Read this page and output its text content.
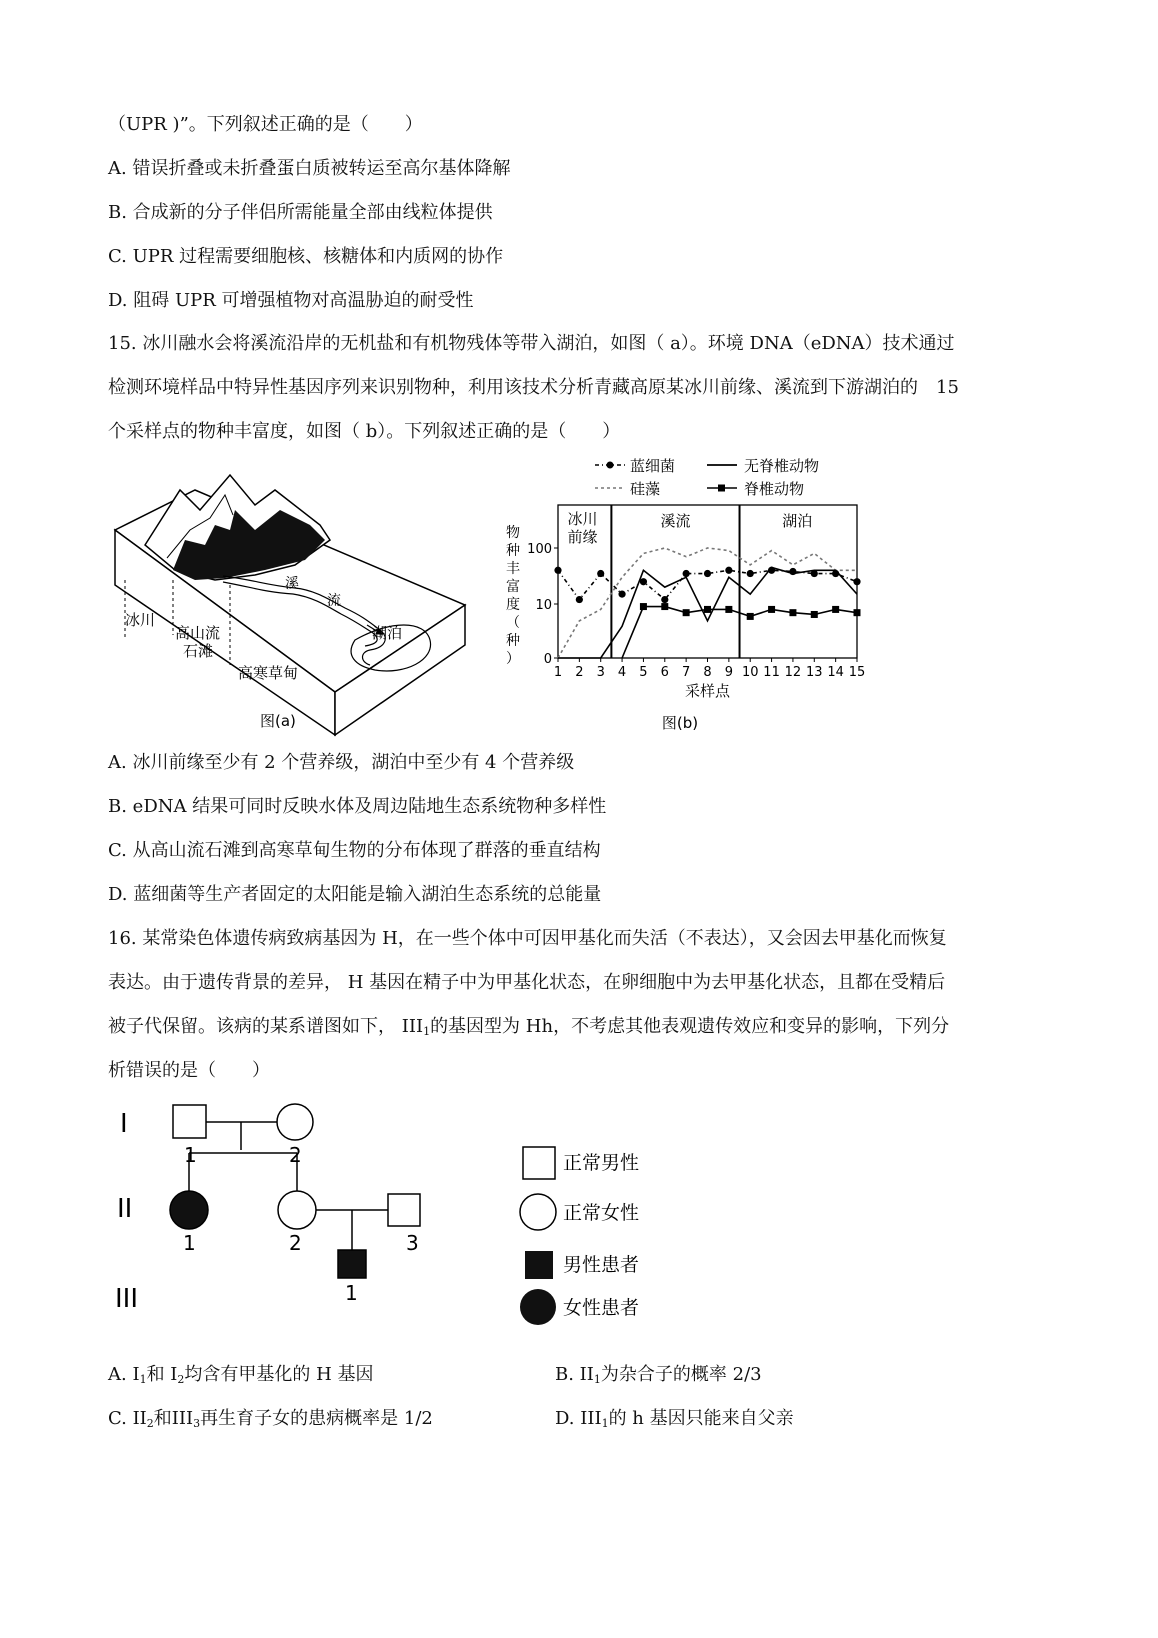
（UPR )”。下列叙述正确的是（　　）
A. 错误折叠或未折叠蛋白质被转运至高尔基体降解
B. 合成新的分子伴侣所需能量全部由线粒体提供
C. UPR 过程需要细胞核、核糖体和内质网的协作
D. 阻碍 UPR 可增强植物对高温胁迫的耐受性
15. 冰川融水会将溪流沿岸的无机盐和有机物残体等带入湖泊，如图（ a）。环境 DNA（eDNA）技术通过
检测环境样品中特异性基因序列来识别物种，利用该技术分析青藏高原某冰川前缘、溪流到下游湖泊的　15
个采样点的物种丰富度，如图（ b）。下列叙述正确的是（　　）
冰川
高山流
石滩
高寒草甸
溪
流
湖泊
图(a)
冰川
前缘
溪流	湖泊
0
10
100
1 2 3 4 5 6 7 8 9 10 11 12 13 14 15
采样点
物
种
丰
富
度
（
种
）
蓝细菌
硅藻
无脊椎动物
脊椎动物
图(b)
A. 冰川前缘至少有 2 个营养级，湖泊中至少有 4 个营养级
B. eDNA 结果可同时反映水体及周边陆地生态系统物种多样性
C. 从高山流石滩到高寒草甸生物的分布体现了群落的垂直结构
D. 蓝细菌等生产者固定的太阳能是输入湖泊生态系统的总能量
16. 某常染色体遗传病致病基因为 H，在一些个体中可因甲基化而失活（不表达），又会因去甲基化而恢复
表达。由于遗传背景的差异， H 基因在精子中为甲基化状态，在卵细胞中为去甲基化状态，且都在受精后
被子代保留。该病的某系谱图如下， $III_1$的基因型为 Hh，不考虑其他表观遗传效应和变异的影响，下列分
析错误的是（　　）
I
II
III
1	2
1	2	3
1
正常男性
正常女性
男性患者
女性患者
A. $I_1$和 $I_2$均含有甲基化的 H 基因	B. $II_1$为杂合子的概率 2/3
C. $II_2$和$III_3$再生育子女的患病概率是 1/2	D. $III_1$的 h 基因只能来自父亲
